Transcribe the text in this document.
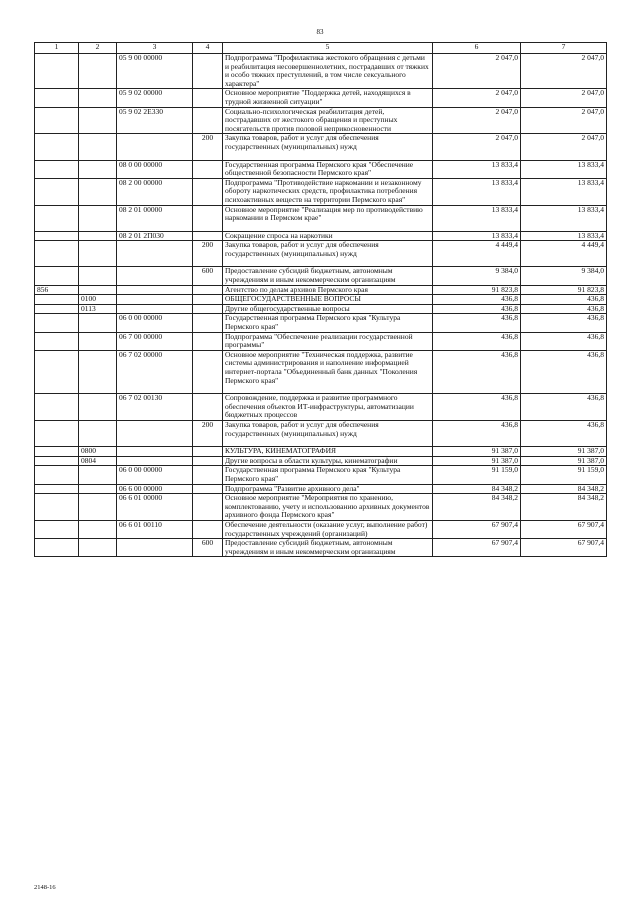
83
1	2	3	4	5	6	7
		05 9 00 00000		Подпрограмма "Профилактика жестокого обращения с детьми и реабилитация несовершеннолетних, пострадавших от тяжких и особо тяжких преступлений, в том числе сексуального характера"	2 047,0	2 047,0
		05 9 02 00000		Основное мероприятие "Поддержка детей, находящихся в трудной жизненной ситуации"	2 047,0	2 047,0
		05 9 02 2Е330		Социально-психологическая реабилитация детей, пострадавших от жестокого обращения и преступных посягательств против половой неприкосновенности	2 047,0	2 047,0
			200	Закупка товаров, работ и услуг для обеспечения государственных (муниципальных) нужд	2 047,0	2 047,0
		08 0 00 00000		Государственная программа Пермского края "Обеспечение общественной безопасности Пермского края"	13 833,4	13 833,4
		08 2 00 00000		Подпрограмма "Противодействие наркомании и незаконному обороту наркотических средств, профилактика потребления психоактивных веществ на территории Пермского края"	13 833,4	13 833,4
		08 2 01 00000		Основное мероприятие "Реализация мер по противодействию наркомании в Пермском крае"	13 833,4	13 833,4
		08 2 01 2П030		Сокращение спроса на наркотики	13 833,4	13 833,4
			200	Закупка товаров, работ и услуг для обеспечения государственных (муниципальных) нужд	4 449,4	4 449,4
			600	Предоставление субсидий бюджетным, автономным учреждениям и иным некоммерческим организациям	9 384,0	9 384,0
856				Агентство по делам архивов Пермского края	91 823,8	91 823,8
	0100			ОБЩЕГОСУДАРСТВЕННЫЕ ВОПРОСЫ	436,8	436,8
	0113			Другие общегосударственные вопросы	436,8	436,8
		06 0 00 00000		Государственная программа Пермского края "Культура Пермского края"	436,8	436,8
		06 7 00 00000		Подпрограмма "Обеспечение реализации государственной программы"	436,8	436,8
		06 7 02 00000		Основное мероприятие "Техническая поддержка, развитие системы администрирования и наполнение информацией интернет-портала "Объединенный банк данных "Поколения Пермского края"	436,8	436,8
		06 7 02 00130		Сопровождение, поддержка и развитие программного обеспечения объектов ИТ-инфраструктуры, автоматизации бюджетных процессов	436,8	436,8
			200	Закупка товаров, работ и услуг для обеспечения государственных (муниципальных) нужд	436,8	436,8
	0800			КУЛЬТУРА, КИНЕМАТОГРАФИЯ	91 387,0	91 387,0
	0804			Другие вопросы в области культуры, кинематографии	91 387,0	91 387,0
		06 0 00 00000		Государственная программа Пермского края "Культура Пермского края"	91 159,0	91 159,0
		06 6 00 00000		Подпрограмма "Развитие архивного дела"	84 348,2	84 348,2
		06 6 01 00000		Основное мероприятие "Мероприятия по хранению, комплектованию, учету и использованию архивных документов архивного фонда Пермского края"	84 348,2	84 348,2
		06 6 01 00110		Обеспечение деятельности (оказание услуг, выполнение работ) государственных учреждений (организаций)	67 907,4	67 907,4
			600	Предоставление субсидий бюджетным, автономным учреждениям и иным некоммерческим организациям	67 907,4	67 907,4
2148-16
